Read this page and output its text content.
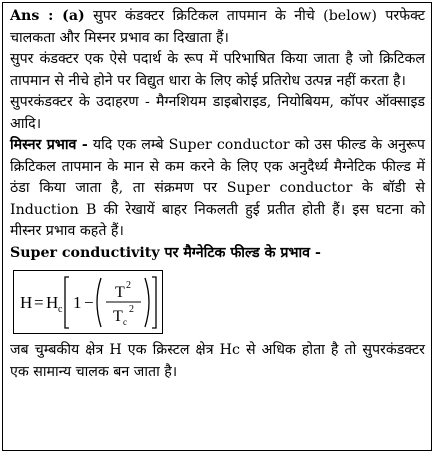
Ans : (a) सुपर कंडक्टर क्रिटिकल तापमान के नीचे (below) परफेक्ट चालकता और मिस्नर प्रभाव का दिखाता हैं।

सुपर कंडक्टर एक ऐसे पदार्थ के रूप में परिभाषित किया जाता है जो क्रिटिकल तापमान से नीचे होने पर विद्युत धारा के लिए कोई प्रतिरोध उत्पन्न नहीं करता है।

सुपरकंडक्टर के उदाहरण - मैग्नशियम डाइबोराइड, नियोबियम, कॉपर ऑक्साइड आदि।

मिस्नर प्रभाव - यदि एक लम्बे Super conductor को उस फील्ड के अनुरूप क्रिटिकल तापमान के मान से कम करने के लिए एक अनुदैर्ध्य मैग्नेटिक फील्ड में ठंडा किया जाता है, ता संक्रमण पर Super conductor के बॉडी से Induction B की रेखायें बाहर निकलती हुई प्रतीत होती हैं। इस घटना को मीस्नर प्रभाव कहते हैं।

Super conductivity पर मैग्नेटिक फील्ड के प्रभाव -

H = H c 1 −
T 2
T c
2

जब चुम्बकीय क्षेत्र H एक क्रिस्टल क्षेत्र Hc से अधिक होता है तो सुपरकंडक्टर एक सामान्य चालक बन जाता है।
